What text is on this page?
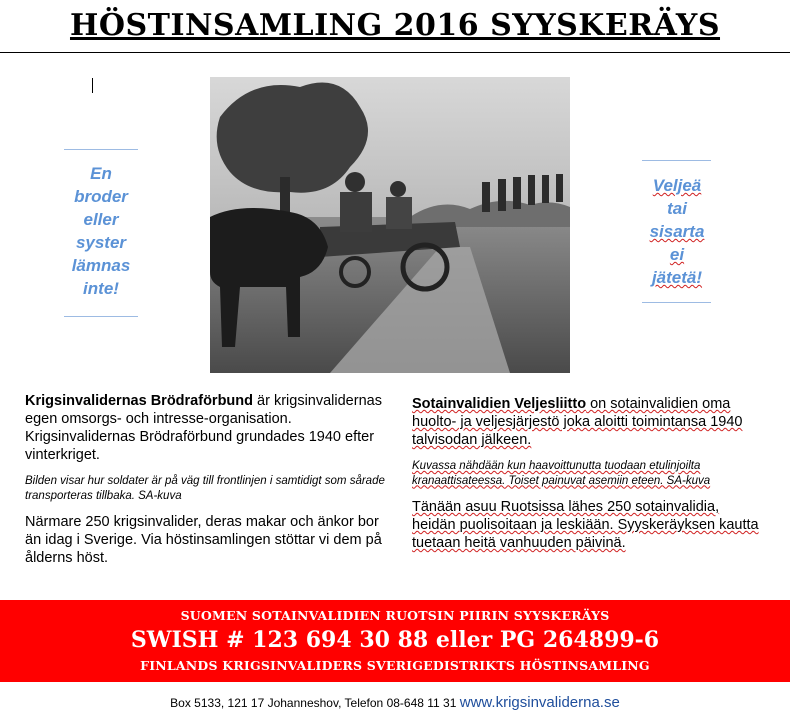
HÖSTINSAMLING 2016 SYYSKERÄYS
En
broder
eller
syster
lämnas
inte!
Veljeä
tai
sisarta
ei
jätetä!

Krigsinvalidernas Brödraförbund är krigsinvalidernas egen omsorgs- och intresse-organisation. Krigsinvalidernas Brödraförbund grundades 1940 efter vinterkriget.

Bilden visar hur soldater är på väg till frontlinjen i samtidigt som sårade transporteras tillbaka. SA-kuva

Närmare 250 krigsinvalider, deras makar och änkor bor än idag i Sverige. Via höstinsamlingen stöttar vi dem på ålderns höst.

Sotainvalidien Veljesliitto on sotainvalidien oma huolto- ja veljesjärjestö joka aloitti toimintansa 1940 talvisodan jälkeen.

Kuvassa nähdään kun haavoittunutta tuodaan etulinjoilta kranaattisateessa. Toiset painuvat asemiin eteen. SA-kuva

Tänään asuu Ruotsissa lähes 250 sotainvalidia, heidän puolisoitaan ja leskiään. Syyskeräyksen kautta tuetaan heitä vanhuuden päivinä.

SUOMEN SOTAINVALIDIEN RUOTSIN PIIRIN SYYSKERÄYS
SWISH # 123 694 30 88 eller PG 264899-6
FINLANDS KRIGSINVALIDERS SVERIGEDISTRIKTS HÖSTINSAMLING
Box 5133, 121 17 Johanneshov, Telefon 08-648 11 31 www.krigsinvaliderna.se
